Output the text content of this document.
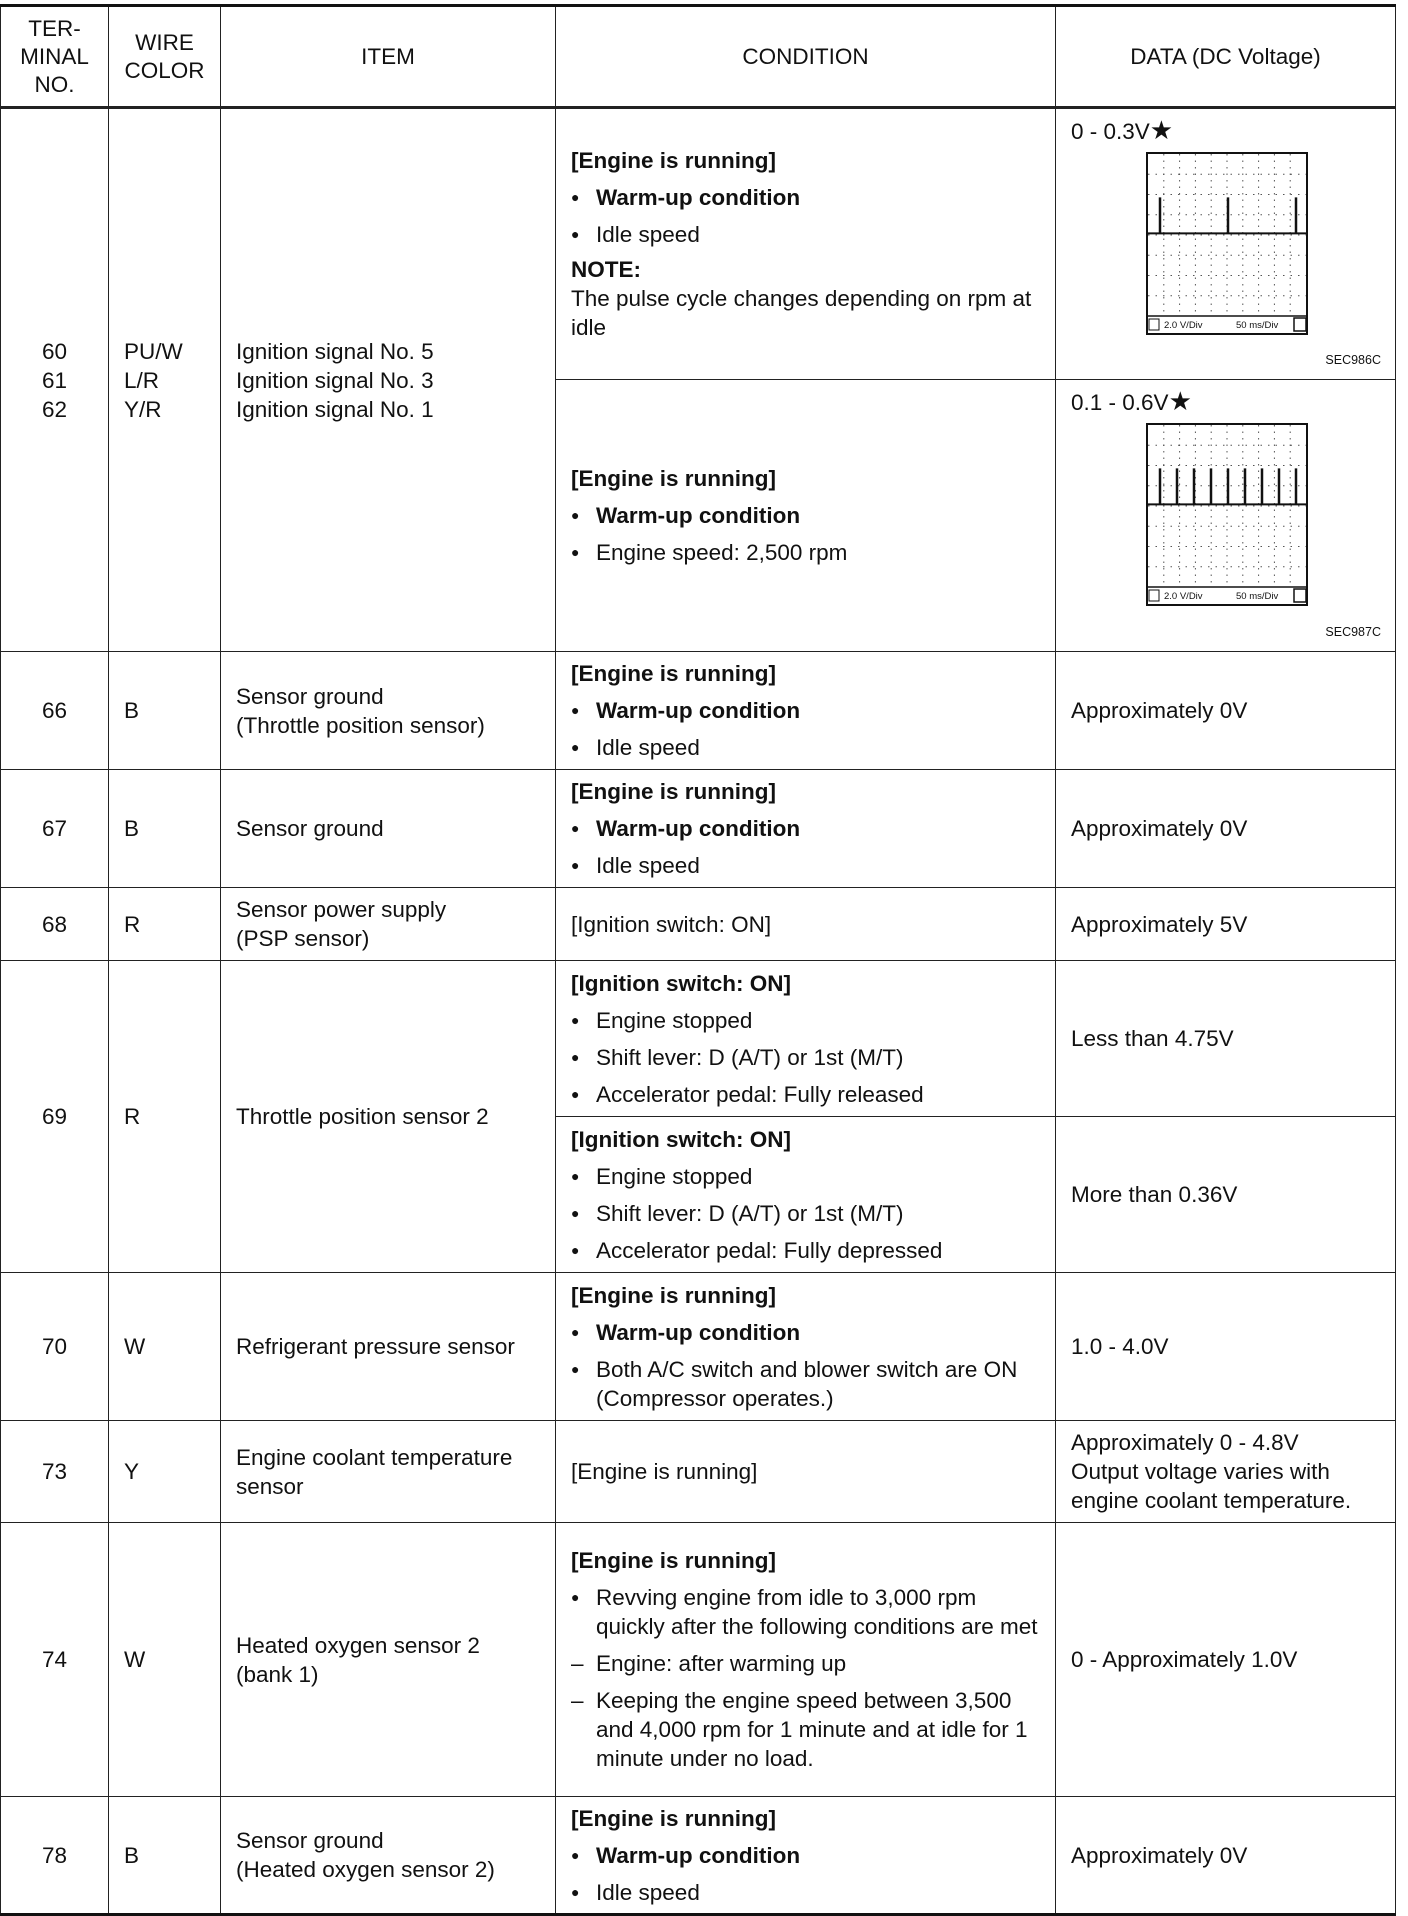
TER-
MINAL
NO.	WIRE
COLOR	ITEM	CONDITION	DATA (DC Voltage)

60
61
62	PU/W
L/R
Y/R	Ignition signal No. 5
Ignition signal No. 3
Ignition signal No. 1	[Engine is running]
● Warm-up condition
● Idle speed
NOTE:
The pulse cycle changes depending on rpm at idle	0 - 0.3V★
2.0 V/Div 50 ms/Div
SEC986C

			[Engine is running]
● Warm-up condition
● Engine speed: 2,500 rpm	0.1 - 0.6V★
2.0 V/Div 50 ms/Div
SEC987C

66	B	Sensor ground
(Throttle position sensor)	[Engine is running]
● Warm-up condition
● Idle speed	Approximately 0V
67	B	Sensor ground	[Engine is running]
● Warm-up condition
● Idle speed	Approximately 0V
68	R	Sensor power supply
(PSP sensor)	[Ignition switch: ON]	Approximately 5V
69	R	Throttle position sensor 2	[Ignition switch: ON]
● Engine stopped
● Shift lever: D (A/T) or 1st (M/T)
● Accelerator pedal: Fully released	Less than 4.75V

			[Ignition switch: ON]
● Engine stopped
● Shift lever: D (A/T) or 1st (M/T)
● Accelerator pedal: Fully depressed	More than 0.36V
70	W	Refrigerant pressure sensor	[Engine is running]
● Warm-up condition
● Both A/C switch and blower switch are ON (Compressor operates.)	1.0 - 4.0V
73	Y	Engine coolant temperature sensor	[Engine is running]	Approximately 0 - 4.8V
Output voltage varies with engine coolant temperature.

74	W	Heated oxygen sensor 2
(bank 1)	[Engine is running]
● Revving engine from idle to 3,000 rpm quickly after the following conditions are met
– Engine: after warming up
– Keeping the engine speed between 3,500 and 4,000 rpm for 1 minute and at idle for 1 minute under no load.	0 - Approximately 1.0V
78	B	Sensor ground
(Heated oxygen sensor 2)	[Engine is running]
● Warm-up condition
● Idle speed	Approximately 0V
